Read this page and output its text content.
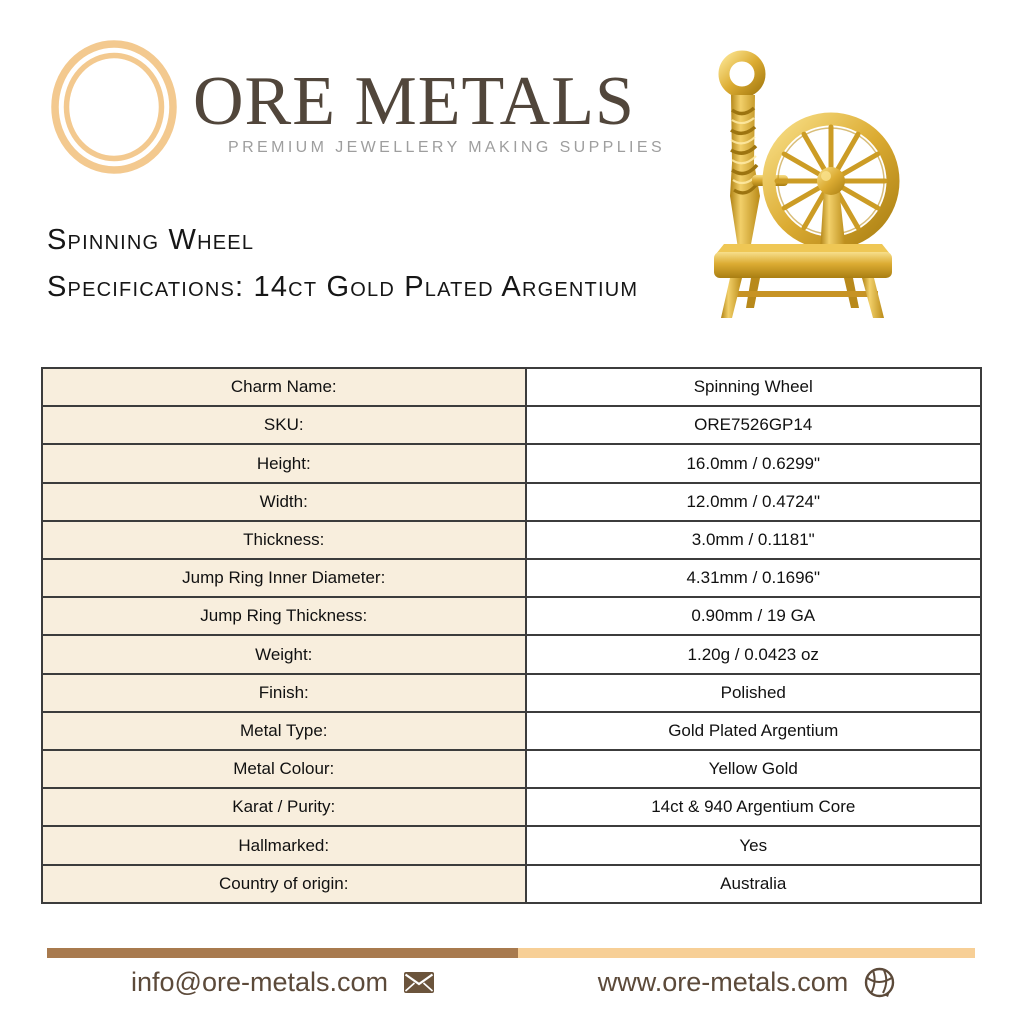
ORE METALS
PREMIUM JEWELLERY MAKING SUPPLIES
Spinning Wheel
Specifications: 14ct Gold Plated Argentium
Charm Name:	Spinning Wheel
SKU:	ORE7526GP14
Height:	16.0mm / 0.6299"
Width:	12.0mm / 0.4724"
Thickness:	3.0mm / 0.1181"
Jump Ring Inner Diameter:	4.31mm / 0.1696"
Jump Ring Thickness:	0.90mm / 19 GA
Weight:	1.20g / 0.0423 oz
Finish:	Polished
Metal Type:	Gold Plated Argentium
Metal Colour:	Yellow Gold
Karat / Purity:	14ct & 940 Argentium Core
Hallmarked:	Yes
Country of origin:	Australia
info@ore-metals.com	www.ore-metals.com
